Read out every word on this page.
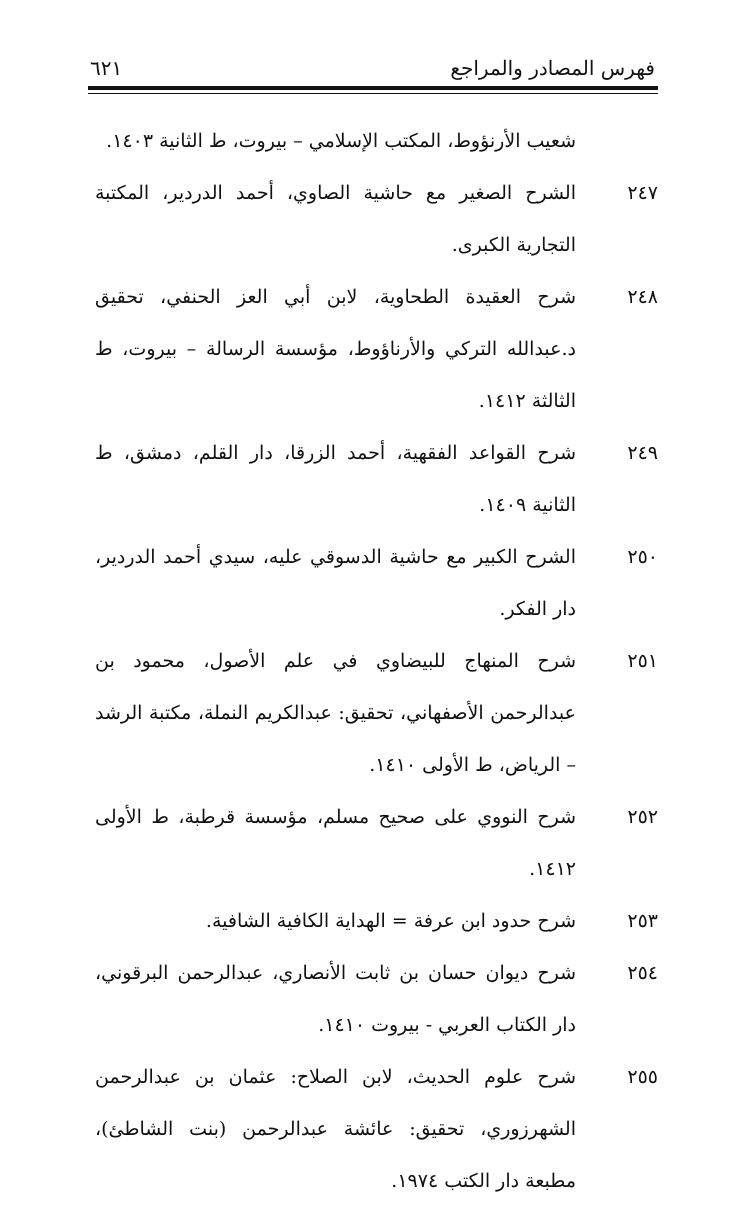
فهرس المصادر والمراجع
٦٢١
شعيب الأرنؤوط، المكتب الإسلامي – بيروت، ط الثانية ١٤٠٣.
٢٤٧
الشرح الصغير مع حاشية الصاوي، أحمد الدردير، المكتبة التجارية الكبرى.
٢٤٨
شرح العقيدة الطحاوية، لابن أبي العز الحنفي، تحقيق د.عبدالله التركي والأرناؤوط، مؤسسة الرسالة – بيروت، ط الثالثة ١٤١٢.
٢٤٩
شرح القواعد الفقهية، أحمد الزرقا، دار القلم، دمشق، ط الثانية ١٤٠٩.
٢٥٠
الشرح الكبير مع حاشية الدسوقي عليه، سيدي أحمد الدردير، دار الفكر.
٢٥١
شرح المنهاج للبيضاوي في علم الأصول، محمود بن عبدالرحمن الأصفهاني، تحقيق: عبدالكريم النملة، مكتبة الرشد – الرياض، ط الأولى ١٤١٠.
٢٥٢
شرح النووي على صحيح مسلم، مؤسسة قرطبة، ط الأولى ١٤١٢.
٢٥٣
شرح حدود ابن عرفة = الهداية الكافية الشافية.
٢٥٤
شرح ديوان حسان بن ثابت الأنصاري، عبدالرحمن البرقوني، دار الكتاب العربي - بيروت ١٤١٠.
٢٥٥
شرح علوم الحديث، لابن الصلاح: عثمان بن عبدالرحمن الشهرزوري، تحقيق: عائشة عبدالرحمن (بنت الشاطئ)، مطبعة دار الكتب ١٩٧٤.
